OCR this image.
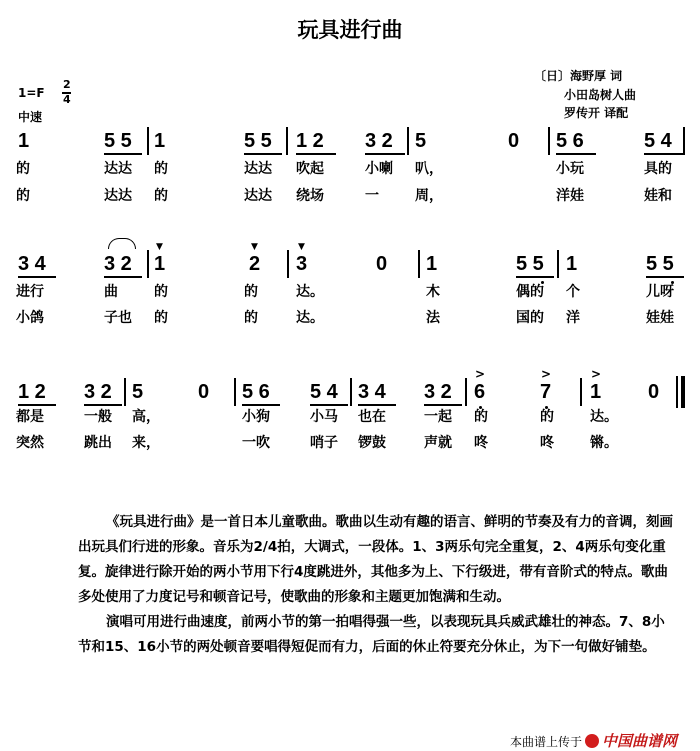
玩具进行曲
1=F
2
4
中速
〔日〕海野厚 词
小田岛树人曲
罗传开 译配
1	5 5 1	5 5 1 2 3 2 5	0 5 6	5 4
的	达达 的	达达 吹起	小喇 叭，	小玩	具的
的	达达 的	达达 绕场	一	周，	洋娃	娃和
3 4	3 2
▼
1
▼
2
▼
3	0 1	5 5 1	5 5
进行	曲	的	的	达。	木	偶的 个	儿呀
小鸽	子也 的	的	达。	法	国的 洋	娃娃
1 2 3 2 5	0 5 6 5 4 3 4 3 2
>
6
>
7
>
1 0
都是	一般 高，	小狗	小马 也在	一起 的	的	达。
突然	跳出 来，	一吹	哨子 锣鼓	声就 咚	咚	锵。

《玩具进行曲》是一首日本儿童歌曲。歌曲以生动有趣的语言、鲜明的节奏及有力的音调，刻画出玩具们行进的形象。音乐为2/4拍，大调式，一段体。1、3两乐句完全重复，2、4两乐句变化重复。旋律进行除开始的两小节用下行4度跳进外，其他多为上、下行级进，带有音阶式的特点。歌曲多处使用了力度记号和顿音记号，使歌曲的形象和主题更加饱满和生动。

演唱可用进行曲速度，前两小节的第一拍唱得强一些，以表现玩具兵威武雄壮的神态。7、8小节和15、16小节的两处顿音要唱得短促而有力，后面的休止符要充分休止，为下一句做好铺垫。

本曲谱上传于 中国曲谱网
